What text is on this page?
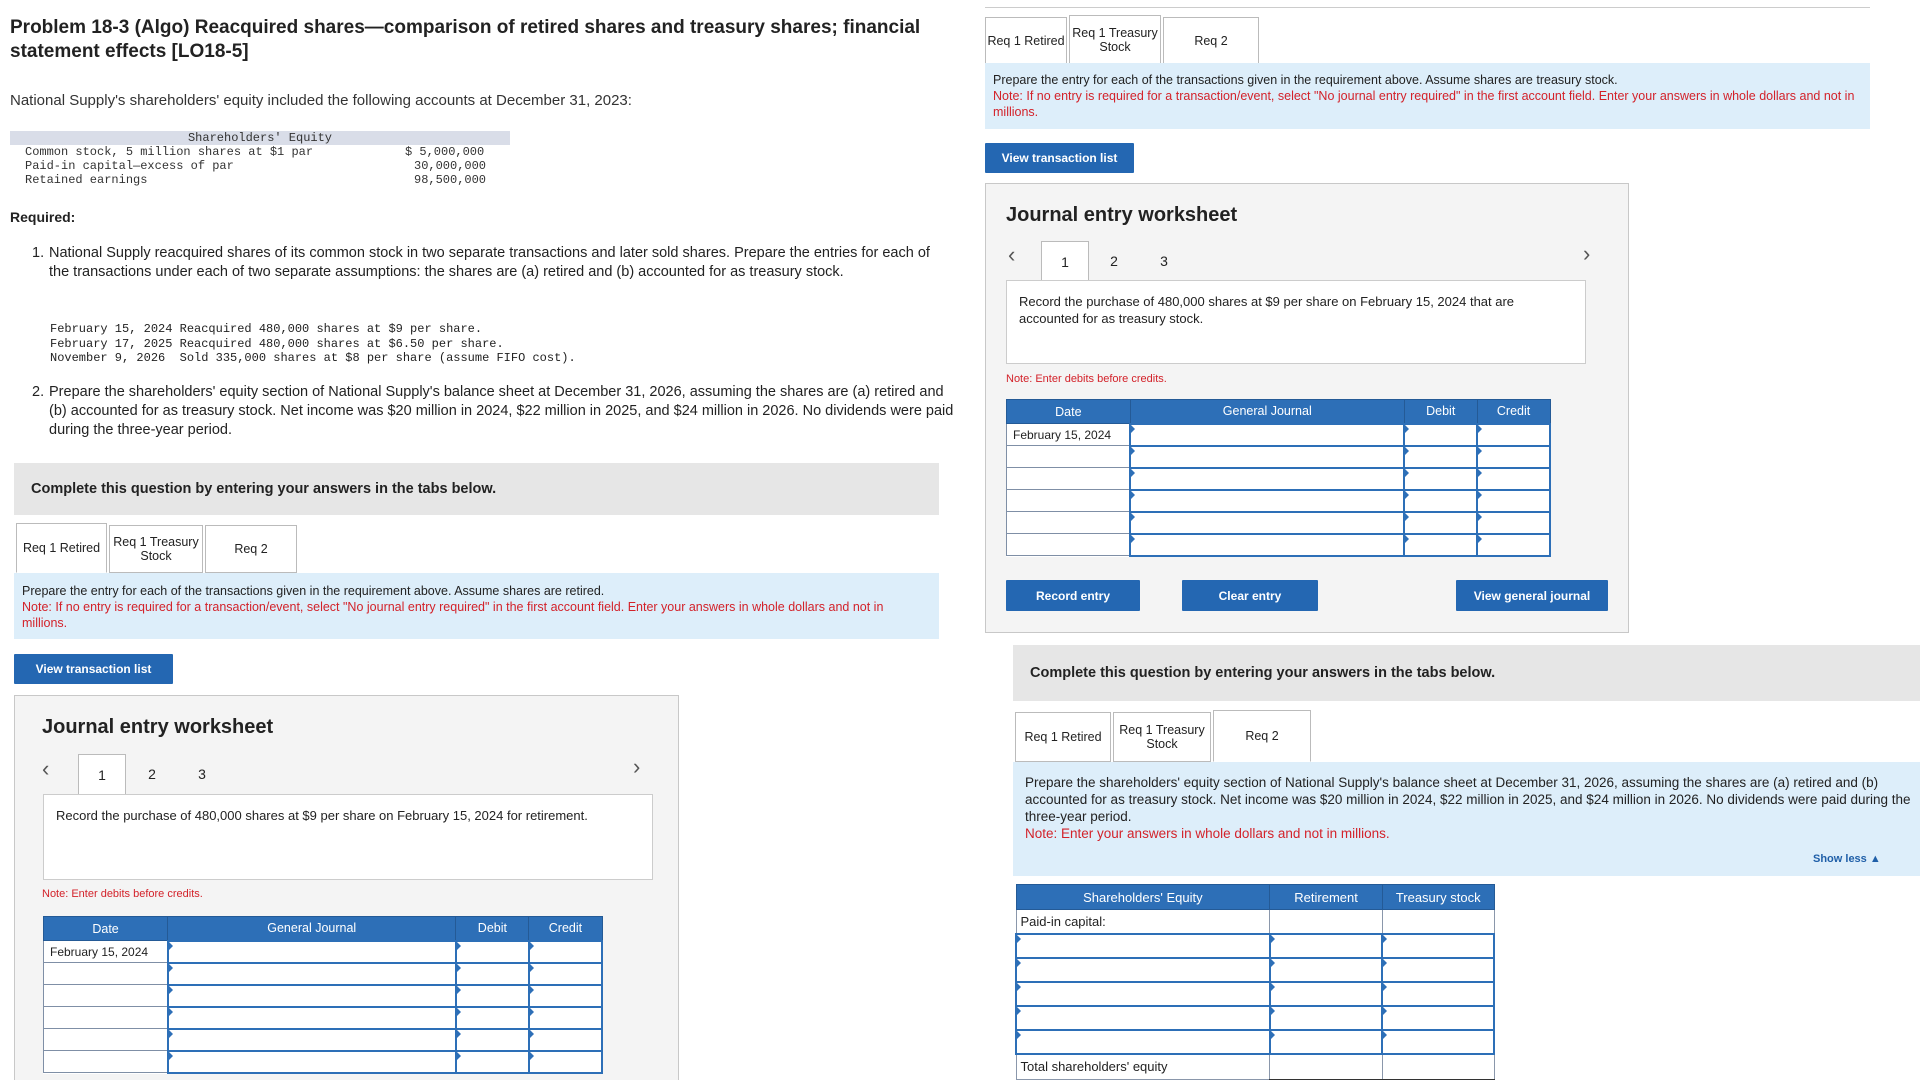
Problem 18-3 (Algo) Reacquired shares—comparison of retired shares and treasury shares; financial statement effects [LO18-5]
National Supply's shareholders' equity included the following accounts at December 31, 2023:
Shareholders' Equity
Common stock, 5 million shares at $1 par	$ 5,000,000
Paid-in capital—excess of par	30,000,000
Retained earnings	98,500,000
Required:
1. National Supply reacquired shares of its common stock in two separate transactions and later sold shares. Prepare the entries for each of the transactions under each of two separate assumptions: the shares are (a) retired and (b) accounted for as treasury stock.
February 15, 2024 Reacquired 480,000 shares at $9 per share.
February 17, 2025 Reacquired 480,000 shares at $6.50 per share.
November 9, 2026  Sold 335,000 shares at $8 per share (assume FIFO cost).
2. Prepare the shareholders' equity section of National Supply's balance sheet at December 31, 2026, assuming the shares are (a) retired and (b) accounted for as treasury stock. Net income was $20 million in 2024, $22 million in 2025, and $24 million in 2026. No dividends were paid during the three-year period.
Complete this question by entering your answers in the tabs below.
Req 1 Retired Req 1 Treasury
Stock	Req 2
Prepare the entry for each of the transactions given in the requirement above. Assume shares are retired.
Note: If no entry is required for a transaction/event, select "No journal entry required" in the first account field. Enter your answers in whole dollars and not in millions.
View transaction list
Journal entry worksheet
‹	1	2	3	›
Record the purchase of 480,000 shares at $9 per share on February 15, 2024 for retirement.
Note: Enter debits before credits.
Date	General Journal	Debit	Credit
February 15, 2024			

Req 1 Retired
Req 1 Treasury
Stock	Req 2
Prepare the entry for each of the transactions given in the requirement above. Assume shares are treasury stock.
Note: If no entry is required for a transaction/event, select "No journal entry required" in the first account field. Enter your answers in whole dollars and not in millions.
View transaction list
Journal entry worksheet
‹	1	2	3	›
Record the purchase of 480,000 shares at $9 per share on February 15, 2024 that are accounted for as treasury stock.
Note: Enter debits before credits.
Date	General Journal	Debit	Credit
February 15, 2024			

Record entry	Clear entry	View general journal
Complete this question by entering your answers in the tabs below.
Req 1 Retired Req 1 Treasury
Stock
Req 2
Prepare the shareholders' equity section of National Supply's balance sheet at December 31, 2026, assuming the shares are (a) retired and (b) accounted for as treasury stock. Net income was $20 million in 2024, $22 million in 2025, and $24 million in 2026. No dividends were paid during the three-year period.
Note: Enter your answers in whole dollars and not in millions.
Show less ▲
Shareholders' Equity	Retirement	Treasury stock
Paid-in capital:		

Total shareholders' equity		
